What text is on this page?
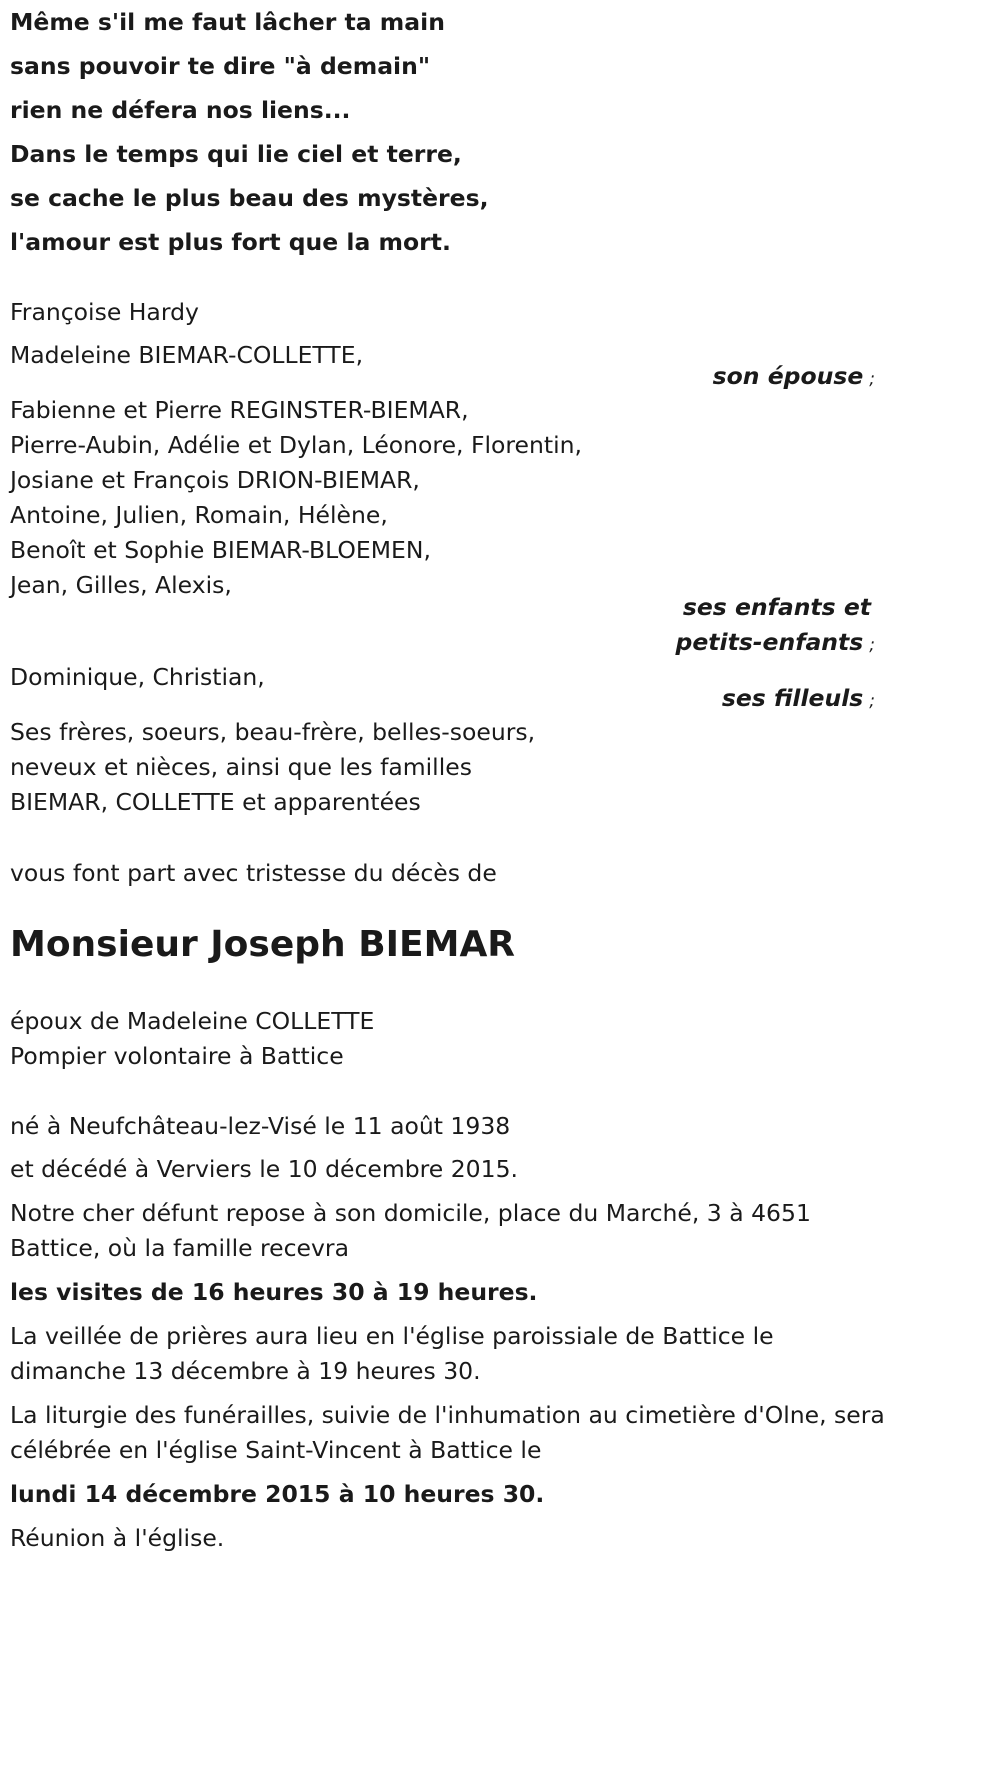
Même s'il me faut lâcher ta main
sans pouvoir te dire "à demain"
rien ne défera nos liens...
Dans le temps qui lie ciel et terre,
se cache le plus beau des mystères,
l'amour est plus fort que la mort.
Françoise Hardy
Madeleine BIEMAR-COLLETTE,
son épouse ;
Fabienne et Pierre REGINSTER-BIEMAR,
Pierre-Aubin, Adélie et Dylan, Léonore, Florentin,
Josiane et François DRION-BIEMAR,
Antoine, Julien, Romain, Hélène,
Benoît et Sophie BIEMAR-BLOEMEN,
Jean, Gilles, Alexis,
ses enfants et
petits-enfants ;
Dominique, Christian,
ses filleuls ;
Ses frères, soeurs, beau-frère, belles-soeurs,
neveux et nièces, ainsi que les familles
BIEMAR, COLLETTE et apparentées
vous font part avec tristesse du décès de
Monsieur Joseph BIEMAR
époux de Madeleine COLLETTE
Pompier volontaire à Battice
né à Neufchâteau-lez-Visé le 11 août 1938
et décédé à Verviers le 10 décembre 2015.
Notre cher défunt repose à son domicile, place du Marché, 3 à 4651
Battice, où la famille recevra
les visites de 16 heures 30 à 19 heures.
La veillée de prières aura lieu en l'église paroissiale de Battice le
dimanche 13 décembre à 19 heures 30.
La liturgie des funérailles, suivie de l'inhumation au cimetière d'Olne, sera
célébrée en l'église Saint-Vincent à Battice le
lundi 14 décembre 2015 à 10 heures 30.
Réunion à l'église.
